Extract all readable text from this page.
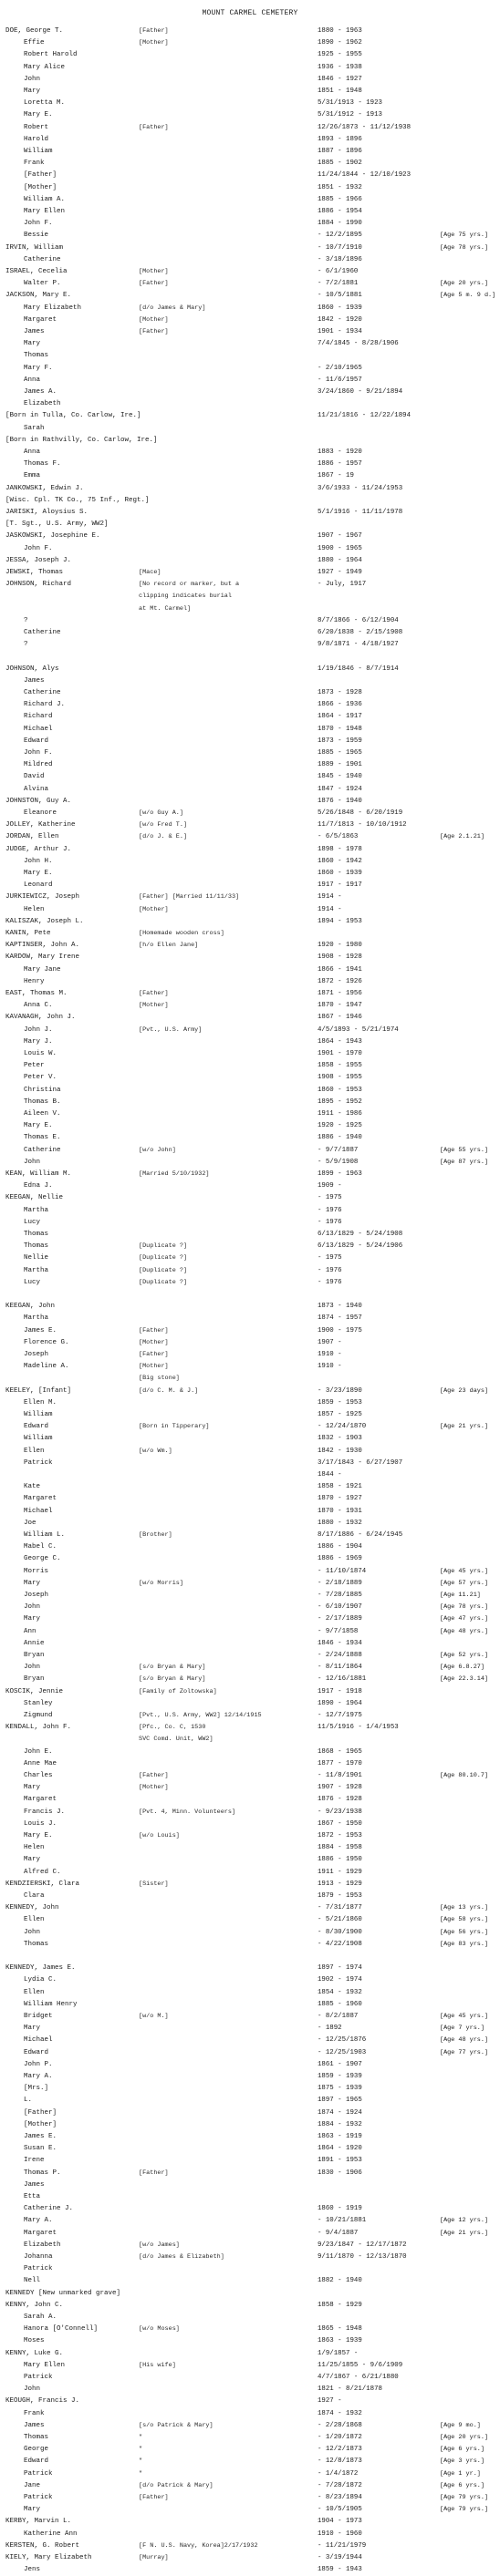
MOUNT CARMEL CEMETERY
DOE, George T.	[Father]	1880 - 1963
Effie	[Mother]	1890 - 1962
Robert Harold	1925 - 1955
Mary Alice	1936 - 1938
John	1846 - 1927
Mary	1851 - 1948
Loretta M.	5/31/1913 - 1923
Mary E.	5/31/1912 - 1913
Robert	[Father]	12/26/1873 - 11/12/1938
Harold	1893 - 1896
William	1887 - 1896
Frank	1885 - 1902
[Father]	11/24/1844 - 12/10/1923
[Mother]	1851 - 1932
William A.	1885 - 1966
Mary Ellen	1886 - 1954
John F.	1884 - 1990
Bessie	- 12/2/1895	[Age 75 yrs.]
IRVIN, William	- 10/7/1910	[Age 78 yrs.]
Catherine	- 3/18/1896
ISRAEL, Cecelia	[Mother]	- 6/1/1960
Walter P.	[Father]	- 7/2/1881	[Age 20 yrs.]
JACKSON, Mary E.	- 10/5/1881	[Age 5 m. 9 d.]
Mary Elizabeth	[d/o James & Mary]	1860 - 1939
Margaret	[Mother]	1842 - 1920
James	[Father]	1901 - 1934
Mary	7/4/1845 - 8/28/1906
Thomas
Mary F.	- 2/10/1965
Anna	- 11/6/1957
James A.	3/24/1860 - 9/21/1894
Elizabeth
[Born in Tulla, Co. Carlow, Ire.]	11/21/1816 - 12/22/1894
Sarah
[Born in Rathvilly, Co. Carlow, Ire.]
Anna	1883 - 1920
Thomas F.	1886 - 1957
Emma	1867 - 19
JANKOWSKI, Edwin J.	3/6/1933 - 11/24/1953
[Wisc. Cpl. TK Co., 75 Inf., Regt.]
JARISKI, Aloysius S.	5/1/1916 - 11/11/1978
[T. Sgt., U.S. Army, WW2]
JASKOWSKI, Josephine E.	1907 - 1967
John F.	1900 - 1965
JESSA, Joseph J.	1880 - 1964
JEWSKI, Thomas	[Mace]	1927 - 1949
JOHNSON, Richard	[No record or marker, but a	- July, 1917
clipping indicates burial
at Mt. Carmel]
?	8/7/1866 - 6/12/1904
Catherine	6/20/1838 - 2/15/1908
?	9/8/1871 - 4/18/1927
JOHNSON, Alys	1/19/1846 - 8/7/1914
James
Catherine	1873 - 1928
Richard J.	1866 - 1936
Richard	1864 - 1917
Michael	1870 - 1948
Edward	1873 - 1959
John F.	1885 - 1965
Mildred	1889 - 1901
David	1845 - 1940
Alvina	1847 - 1924
JOHNSTON, Guy A.	1876 - 1940
Eleanore	[w/o Guy A.]	5/26/1848 - 6/20/1919
JOLLEY, Katherine	[w/o Fred T.]	11/7/1813 - 10/10/1912
JORDAN, Ellen	[d/o J. & E.]	- 6/5/1863	[Age 2.1.21]
JUDGE, Arthur J.	1898 - 1978
John H.	1860 - 1942
Mary E.	1860 - 1939
Leonard	1917 - 1917
JURKIEWICZ, Joseph	[Father] [Married 11/11/33]	1914 -
Helen	[Mother]	1914 -
KALISZAK, Joseph L.	1894 - 1953
KANIN, Pete	[Homemade wooden cross]
KAPTINSER, John A.	[h/o Ellen Jane]	1920 - 1980
KARDOW, Mary Irene	1908 - 1928
Mary Jane	1866 - 1941
Henry	1872 - 1926
EAST, Thomas M.	[Father]	1871 - 1956
Anna C.	[Mother]	1870 - 1947
KAVANAGH, John J.	1867 - 1946
John J.	[Pvt., U.S. Army]	4/5/1893 - 5/21/1974
Mary J.	1864 - 1943
Louis W.	1901 - 1970
Peter	1858 - 1955
Peter V.	1908 - 1955
Christina	1860 - 1953
Thomas B.	1895 - 1952
Aileen V.	1911 - 1986
Mary E.	1920 - 1925
Thomas E.	1886 - 1940
Catherine	[w/o John]	- 9/7/1887	[Age 55 yrs.]
John	- 5/9/1908	[Age 87 yrs.]
KEAN, William M.	[Married 5/10/1932]	1899 - 1963
Edna J.	1909 -
KEEGAN, Nellie	- 1975
Martha	- 1976
Lucy	- 1976
Thomas	6/13/1829 - 5/24/1908
Thomas	[Duplicate ?]	6/13/1829 - 5/24/1906
Nellie	[Duplicate ?]	- 1975
Martha	[Duplicate ?]	- 1976
Lucy	[Duplicate ?]	- 1976
KEEGAN, John	1873 - 1940
Martha	1874 - 1957
James E.	[Father]	1900 - 1975
Florence G.	[Mother]	1907 -
Joseph	[Father]	1910 -
Madeline A.	[Mother]	1910 -
[Big stone]
KEELEY, [Infant]	[d/o C. M. & J.]	- 3/23/1890	[Age 23 days]
Ellen M.	1859 - 1953
William	1857 - 1925
Edward	[Born in Tipperary]	- 12/24/1870	[Age 21 yrs.]
William	1832 - 1903
Ellen	[w/o Wm.]	1842 - 1930
Patrick	3/17/1843 - 6/27/1907
1844 -
Kate	1858 - 1921
Margaret	1870 - 1927
Michael	1870 - 1931
Joe	1880 - 1932
William L.	[Brother]	8/17/1886 - 6/24/1945
Mabel C.	1886 - 1904
George C.	1886 - 1969
Morris	- 11/10/1874	[Age 45 yrs.]
Mary	[w/o Morris]	- 2/18/1889	[Age 57 yrs.]
Joseph	- 7/28/1885	[Age 11.21]
John	- 6/10/1907	[Age 78 yrs.]
Mary	- 2/17/1889	[Age 47 yrs.]
Ann	- 9/7/1858	[Age 48 yrs.]
Annie	1846 - 1934
Bryan	- 2/24/1888	[Age 52 yrs.]
John	[s/o Bryan & Mary]	- 8/11/1864	[Age 6.8.27]
Bryan	[s/o Bryan & Mary]	- 12/16/1881	[Age 22.3.14]
KOSCIK, Jennie	[Family of Zoltowska]	1917 - 1918
Stanley	1890 - 1964
Zigmund	[Pvt., U.S. Army, WW2] 12/14/1915	- 12/7/1975
KENDALL, John F.	[Pfc., Co. C, 1530	11/5/1916 - 1/4/1953
SVC Comd. Unit, WW2]
John E.	1868 - 1965
Anne Mae	1877 - 1970
Charles	[Father]	- 11/8/1901	[Age 80.10.7]
Mary	[Mother]	1907 - 1928
Margaret	1876 - 1928
Francis J.	[Pvt. 4, Minn. Volunteers]	- 9/23/1938
Louis J.	1867 - 1950
Mary E.	[w/o Louis]	1872 - 1953
Helen	1884 - 1958
Mary	1886 - 1950
Alfred C.	1911 - 1929
KENDZIERSKI, Clara	[Sister]	1913 - 1929
Clara	1879 - 1953
KENNEDY, John	- 7/31/1877	[Age 13 yrs.]
Ellen	- 5/21/1860	[Age 58 yrs.]
John	- 8/30/1900	[Age 56 yrs.]
Thomas	- 4/22/1908	[Age 83 yrs.]
KENNEDY, James E.	1897 - 1974
Lydia C.	1902 - 1974
Ellen	1854 - 1932
William Henry	1885 - 1960
Bridget	[w/o M.]	- 8/2/1887	[Age 45 yrs.]
Mary	- 1892	[Age 7 yrs.]
Michael	- 12/25/1876	[Age 48 yrs.]
Edward	- 12/25/1903	[Age 77 yrs.]
John P.	1861 - 1907
Mary A.	1859 - 1939
[Mrs.]	1875 - 1939
L.	1897 - 1965
[Father]	1874 - 1924
[Mother]	1884 - 1932
James E.	1863 - 1919
Susan E.	1864 - 1920
Irene	1891 - 1953
Thomas P.	[Father]	1830 - 1906
James
Etta
Catherine J.	1860 - 1919
Mary A.	- 10/21/1881	[Age 12 yrs.]
Margaret	- 9/4/1887	[Age 21 yrs.]
Elizabeth	[w/o James]	9/23/1847 - 12/17/1872
Johanna	[d/o James & Elizabeth]	9/11/1870 - 12/13/1870
Patrick
Nell	1882 - 1940
KENNEDY [New unmarked grave]
KENNY, John C.	1858 - 1929
Sarah A.
Hanora [O'Connell]	[w/o Moses]	1865 - 1948
Moses	1863 - 1939
KENNY, Luke G.	1/9/1857 -
Mary Ellen	[His wife]	11/25/1855 - 9/6/1909
Patrick	4/7/1867 - 6/21/1880
John	1821 - 8/21/1878
KEOUGH, Francis J.	1927 -
Frank	1874 - 1932
James	[s/o Patrick & Mary]	- 2/28/1868	[Age 9 mo.]
Thomas	"	- 1/20/1872	[Age 20 yrs.]
George	"	- 12/2/1873	[Age 6 yrs.]
Edward	"	- 12/8/1873	[Age 3 yrs.]
Patrick	"	- 1/4/1872	[Age 1 yr.]
Jane	[d/o Patrick & Mary]	- 7/28/1872	[Age 6 yrs.]
Patrick	[Father]	- 8/23/1894	[Age 79 yrs.]
Mary	- 10/5/1905	[Age 79 yrs.]
KERBY, Marvin L.	1904 - 1973
Katherine Ann	1910 - 1960
KERSTEN, G. Robert	[F N. U.S. Navy, Korea]2/17/1932	- 11/21/1979
KIELY, Mary Elizabeth	[Murray]	- 3/19/1944
Jens	1859 - 1943
